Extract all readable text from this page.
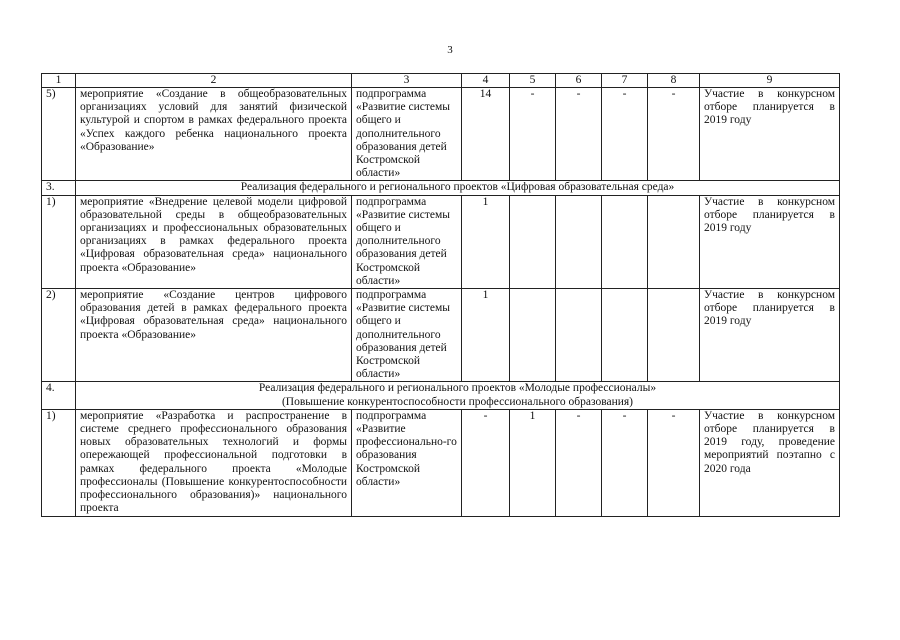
3
1	2	3	4	5	6	7	8	9
5)	мероприятие «Создание в общеобразовательных организациях условий для занятий физической культурой и спортом в рамках федерального проекта «Успех каждого ребенка национального проекта «Образование»	подпрограмма «Развитие системы общего и дополнительного образования детей Костромской области»	14	-	-	-	-	Участие в конкурсном отборе планируется в 2019 году
3.	Реализация федерального и регионального проектов «Цифровая образовательная среда»							
1)	мероприятие «Внедрение целевой модели цифровой образовательной среды в общеобразовательных организациях и профессиональных образовательных организациях в рамках федерального проекта «Цифровая образовательная среда» национального проекта «Образование»	подпрограмма «Развитие системы общего и дополнительного образования детей Костромской области»	1					Участие в конкурсном отборе планируется в 2019 году
2)	мероприятие «Создание центров цифрового образования детей в рамках федерального проекта «Цифровая образовательная среда» национального проекта «Образование»	подпрограмма «Развитие системы общего и дополнительного образования детей Костромской области»	1					Участие в конкурсном отборе планируется в 2019 году
4.	Реализация федерального и регионального проектов «Молодые профессионалы»
(Повышение конкурентоспособности профессионального образования)							

1)	мероприятие «Разработка и распространение в системе среднего профессионального образования новых образовательных технологий и формы опережающей профессиональной подготовки в рамках федерального проекта «Молодые профессионалы (Повышение конкурентоспособности профессионального образования)» национального проекта	подпрограмма «Развитие профессионально-го образования Костромской области»	-	1	-	-	-	Участие в конкурсном отборе планируется в 2019 году, проведение мероприятий поэтапно с 2020 года
